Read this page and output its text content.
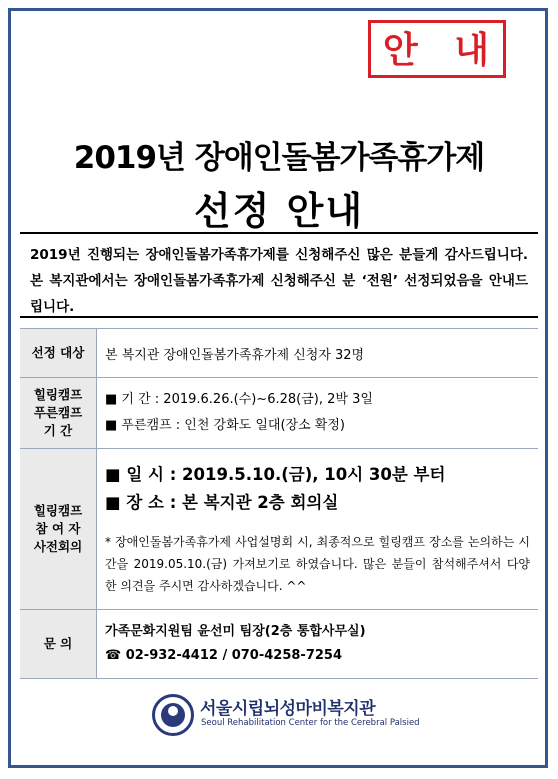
안 내
2019년 장애인돌봄가족휴가제
선정 안내
2019년 진행되는 장애인돌봄가족휴가제를 신청해주신 많은 분들게 감사드립니다. 본 복지관에서는 장애인돌봄가족휴가제 신청해주신 분 ‘전원’ 선정되었음을 안내드립니다.
선정 대상	본 복지관 장애인돌봄가족휴가제 신청자 32명

힐링캠프
푸른캠프
기 간	■ 기 간 : 2019.6.26.(수)~6.28(금), 2박 3일
■ 푸른캠프 : 인천 강화도 일대(장소 확정)

힐링캠프
참 여 자
사전회의	■ 일 시 : 2019.5.10.(금), 10시 30분 부터
■ 장 소 : 본 복지관 2층 회의실
* 장애인돌봄가족휴가제 사업설명회 시, 최종적으로 힐링캠프 장소를 논의하는 시간을 2019.05.10.(금) 가져보기로 하였습니다. 많은 분들이 참석해주셔서 다양한 의견을 주시면 감사하겠습니다. ^^

문 의	가족문화지원팀 윤선미 팀장(2층 통합사무실)
☎ 02-932-4412 / 070-4258-7254
서울시립뇌성마비복지관
Seoul Rehabilitation Center for the Cerebral Palsied
